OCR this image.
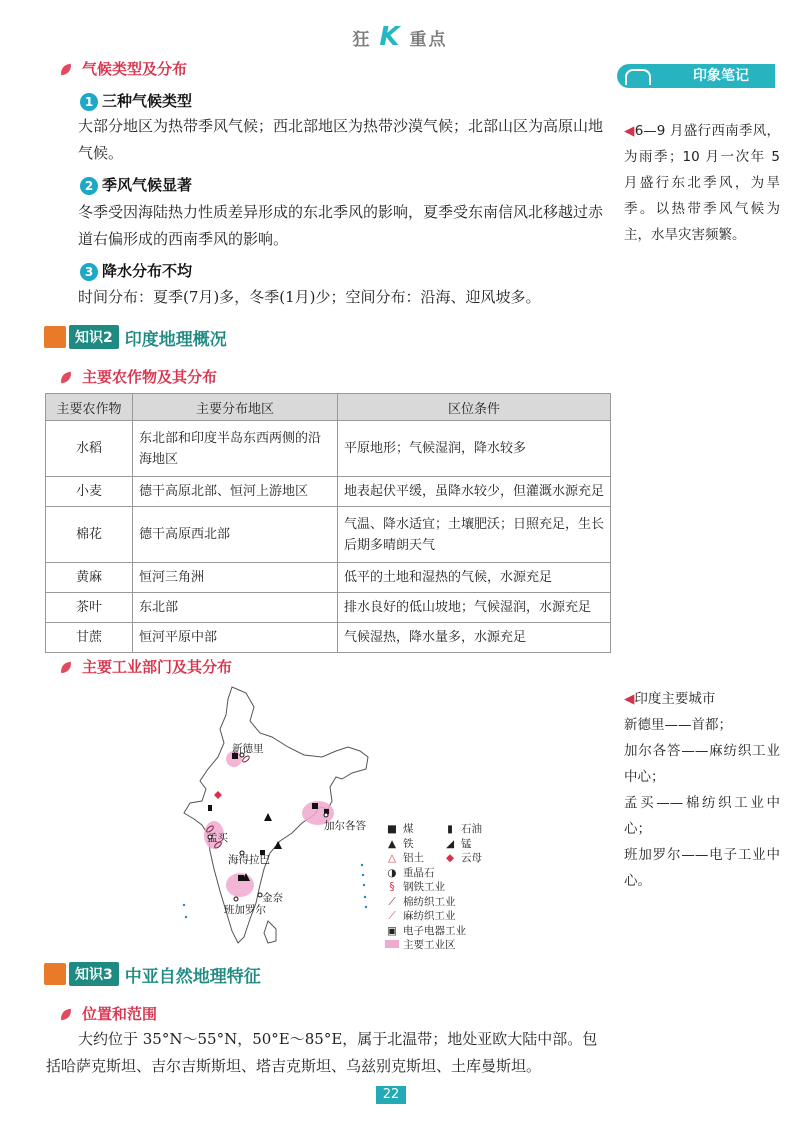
狂 K 重点
印象笔记
◀6—9 月盛行西南季风，为雨季；10 月一次年 5 月盛行东北季风，为旱季。以热带季风气候为主，水旱灾害频繁。
气候类型及分布
1 三种气候类型
大部分地区为热带季风气候；西北部地区为热带沙漠气候；北部山区为高原山地气候。
2 季风气候显著
冬季受因海陆热力性质差异形成的东北季风的影响，夏季受东南信风北移越过赤道右偏形成的西南季风的影响。
3 降水分布不均
时间分布：夏季(7月)多，冬季(1月)少；空间分布：沿海、迎风坡多。
知识2 印度地理概况
主要农作物及其分布
主要农作物	主要分布地区	区位条件
水稻	东北部和印度半岛东西两侧的沿海地区	平原地形；气候湿润，降水较多
小麦	德干高原北部、恒河上游地区	地表起伏平缓，虽降水较少，但灌溉水源充足
棉花	德干高原西北部	气温、降水适宜；土壤肥沃；日照充足，生长后期多晴朗天气
黄麻	恒河三角洲	低平的土地和湿热的气候，水源充足
茶叶	东北部	排水良好的低山坡地；气候湿润，水源充足
甘蔗	恒河平原中部	气候湿热，降水量多，水源充足
主要工业部门及其分布
新德里
加尔各答
孟买
海得拉巴
班加罗尔
金奈
■ 煤	▮ 石油
▲ 铁	◢ 锰
△ 铝土	◆ 云母
◑ 重晶石
§ 钢铁工业
⟋ 棉纺织工业
⟋ 麻纺织工业
▣ 电子电器工业
主要工业区
◀印度主要城市
新德里——首都；
加尔各答——麻纺织工业中心；
孟买——棉纺织工业中心；
班加罗尔——电子工业中心。
知识3 中亚自然地理特征
位置和范围
大约位于 35°N～55°N，50°E～85°E，属于北温带；地处亚欧大陆中部。包括哈萨克斯坦、吉尔吉斯斯坦、塔吉克斯坦、乌兹别克斯坦、土库曼斯坦。
22
